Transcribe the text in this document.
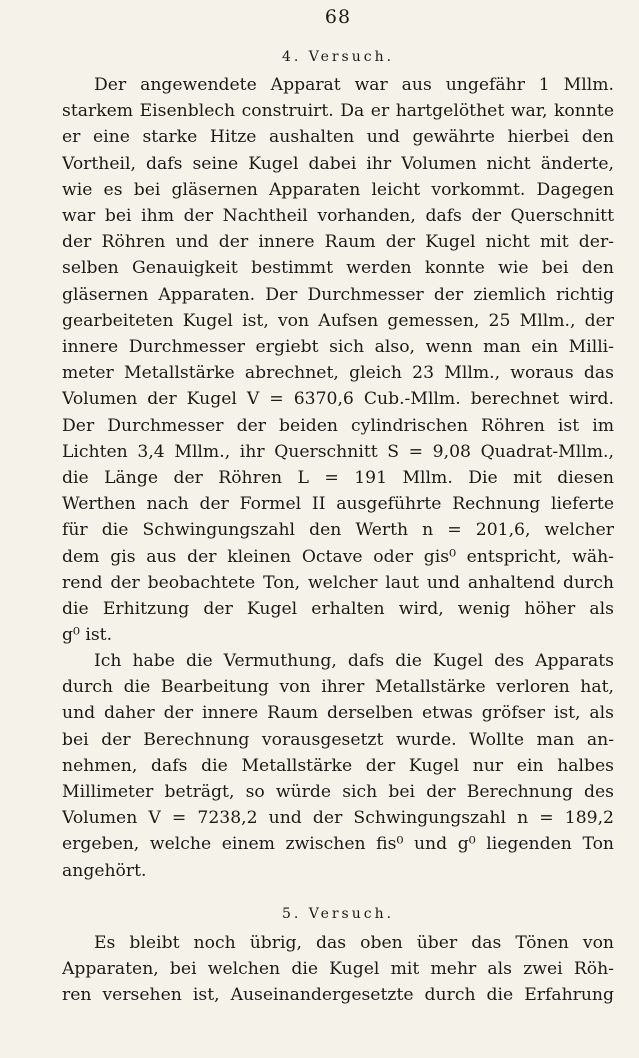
68
4. Versuch.

Der angewendete Apparat war aus ungefähr 1 Mllm.
starkem Eisenblech construirt. Da er hartgelöthet war, konnte
er eine starke Hitze aushalten und gewährte hierbei den
Vortheil, dafs seine Kugel dabei ihr Volumen nicht änderte,
wie es bei gläsernen Apparaten leicht vorkommt. Dagegen
war bei ihm der Nachtheil vorhanden, dafs der Querschnitt
der Röhren und der innere Raum der Kugel nicht mit der-
selben Genauigkeit bestimmt werden konnte wie bei den
gläsernen Apparaten. Der Durchmesser der ziemlich richtig
gearbeiteten Kugel ist, von Aufsen gemessen, 25 Mllm., der
innere Durchmesser ergiebt sich also, wenn man ein Milli-
meter Metallstärke abrechnet, gleich 23 Mllm., woraus das
Volumen der Kugel V = 6370,6 Cub.-Mllm. berechnet wird.
Der Durchmesser der beiden cylindrischen Röhren ist im
Lichten 3,4 Mllm., ihr Querschnitt S = 9,08 Quadrat-Mllm.,
die Länge der Röhren L = 191 Mllm. Die mit diesen
Werthen nach der Formel II ausgeführte Rechnung lieferte
für die Schwingungszahl den Werth n = 201,6, welcher
dem gis aus der kleinen Octave oder gis⁰ entspricht, wäh-
rend der beobachtete Ton, welcher laut und anhaltend durch
die Erhitzung der Kugel erhalten wird, wenig höher als
g⁰ ist.

Ich habe die Vermuthung, dafs die Kugel des Apparats
durch die Bearbeitung von ihrer Metallstärke verloren hat,
und daher der innere Raum derselben etwas gröfser ist, als
bei der Berechnung vorausgesetzt wurde. Wollte man an-
nehmen, dafs die Metallstärke der Kugel nur ein halbes
Millimeter beträgt, so würde sich bei der Berechnung des
Volumen V = 7238,2 und der Schwingungszahl n = 189,2
ergeben, welche einem zwischen fis⁰ und g⁰ liegenden Ton
angehört.

5. Versuch.

Es bleibt noch übrig, das oben über das Tönen von
Apparaten, bei welchen die Kugel mit mehr als zwei Röh-
ren versehen ist, Auseinandergesetzte durch die Erfahrung
